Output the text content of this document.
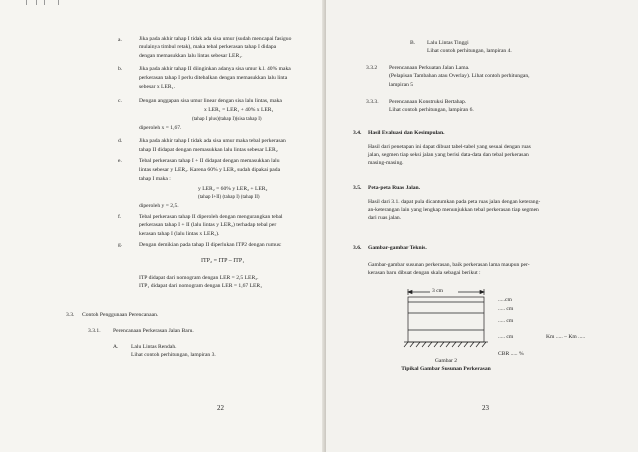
a.	Jika pada akhir tahap I tidak ada sisa umur (sudah mencapai fasiguo
mulainya timbul retak), maka tebal perkerasan tahap I didapa
dengan memasukkan lalu lintas sebesar LER₁.
b.	Jika pada akhir tahap II diinginkan adanya sisa umur k.l. 40% maka
perkerasan tahap I perlu ditebalkan dengan memasukkan lalu linta
sebesar x LER₁.
c.	Dengan anggapan sisa umur linear dengan sisa lalu lintas, maka
x LER₁ = LER₁ + 40% x LER₁
(tahap I plus)(tahap I)(sisa tahap I)
diperoleh x = 1,67.
d.	Jika pada akhir tahap I tidak ada sisa umur maka tebal perkerasan
tahap II didapat dengan memasukkan lalu lintas sebesar LER₂
e.	Tebal perkerasan tahap I + II didapat dengan memasukkan lalu
lintas sebesar y LER₂. Karena 60% y LER₂ sudah dipakai pada
tahap I maka :
y LER₂ = 60% y LER₂ + LER₂
(tahap I+II) (tahap I) (tahap II)
diperoleh y = 2,5.
f.	Tebal perkerasan tahap II diperoleh dengan mengurangkan tebal
perkerasan tahap I + II (lalu lintas y LER₂) terhadap tebal per
kerasan tahap I (lalu lintas x LER₁).
g.	Dengan demikian pada tahap II diperlukan ITP2 dengan rumus:
ITP₂ = ITP – ITP₁
ITP didapat dari nomogram dengan LER = 2,5 LER₂.
ITP₁ didapat dari nomogram dengan LER = 1,67 LER₁
3.3. Contoh Penggunaan Perencanaan.
3.3.1. Perencanaan Perkerasan Jalan Baru.
A. Lalu Lintas Rendah.
Lihat contoh perhitungan, lampiran 3.
22
B. Lalu Lintas Tinggi
Lihat contoh perhitungan, lampiran 4.
3.3.2 Perencanaan Perkuatan Jalan Lama.
(Pelapisan Tambahan atau Overlay). Lihat contoh perhitungan,
lampiran 5
3.3.3. Perencanaan Konstruksi Bertahap.
Lihat contoh perhitungan, lampiran 6.
3.4. Hasil Evaluasi dan Kesimpulan.
Hasil dari penetapan ini dapat dibuat tabel-tabel yang sesuai dengan ruas
jalan, segmen tiap seksi jalan yang berisi data-data dan tebal perkerasan
masing-masing.
3.5. Peta-peta Ruas Jalan.
Hasil dari 3.1. dapat pula dicantumkan pada peta ruas jalan dengan keterang-
an-keterangan lain yang lengkap menunjukkan tebal perkerasan tiap segmen
dari ruas jalan.
3.6. Gambar-gambar Teknis.
Gambar-gambar susunan perkerasan, baik perkerasan lama maupun per-
kerasan baru dibuat dengan skala sebagai berikut :
3 cm
.....cm
..... cm
..... cm
..... cm	Km ..... – Km .....
CBR ..... %
Gambar 2
Tipikal Gambar Susunan Perkerasan
23
